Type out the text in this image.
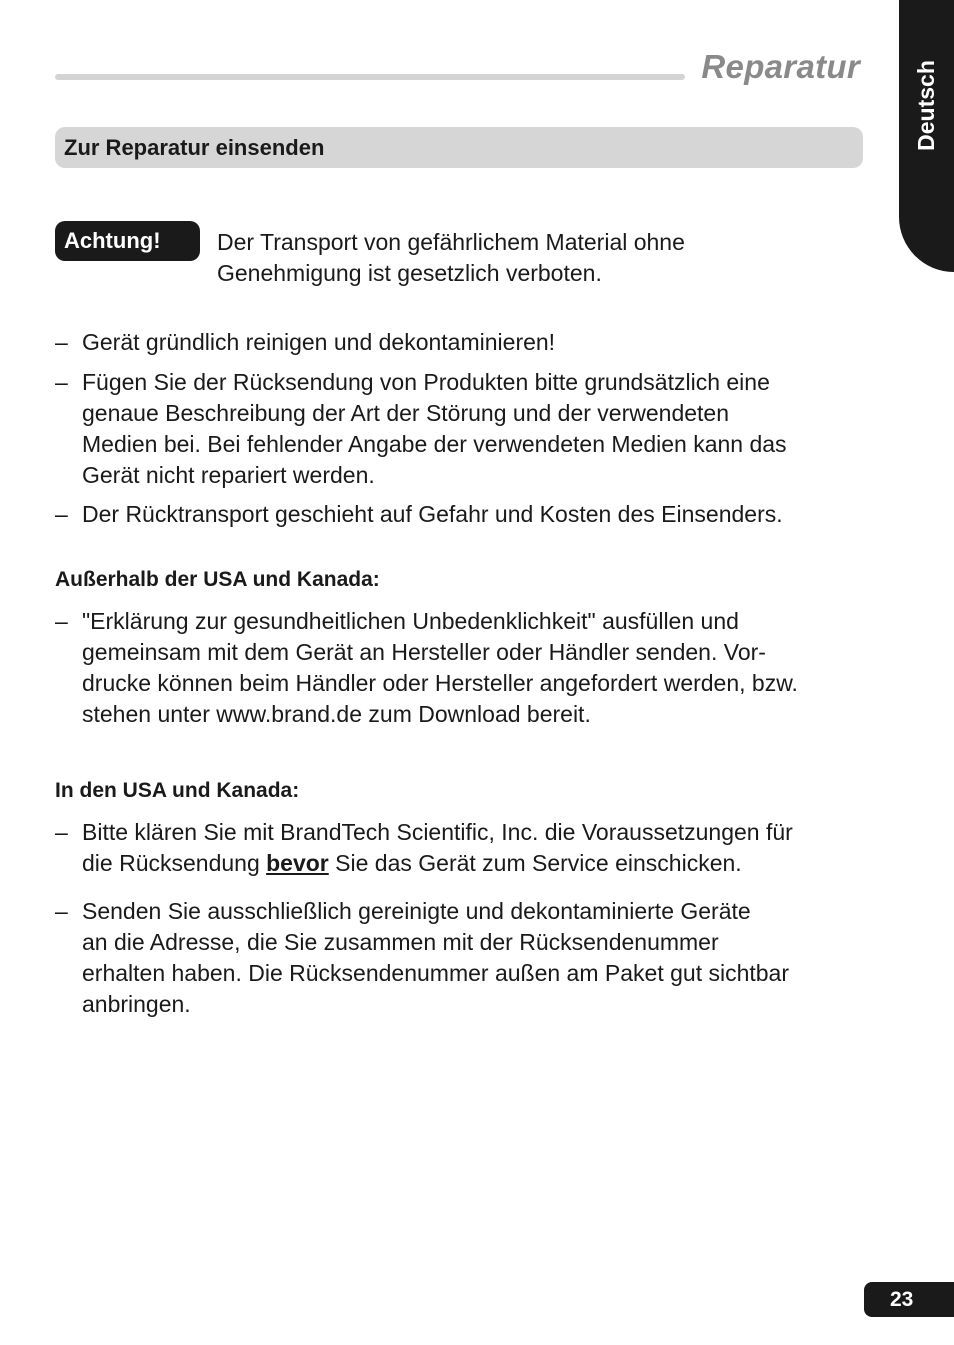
Reparatur Deutsch
Zur Reparatur einsenden
Achtung! Der Transport von gefährlichem Material ohne
Genehmigung ist gesetzlich verboten.
– Gerät gründlich reinigen und dekontaminieren!
– Fügen Sie der Rücksendung von Produkten bitte grundsätzlich eine
genaue Beschreibung der Art der Störung und der verwendeten
Medien bei. Bei fehlender Angabe der verwendeten Medien kann das
Gerät nicht repariert werden.
– Der Rücktransport geschieht auf Gefahr und Kosten des Einsenders.
Außerhalb der USA und Kanada:
– "Erklärung zur gesundheitlichen Unbedenklichkeit" ausfüllen und
gemeinsam mit dem Gerät an Hersteller oder Händler senden. Vor-
drucke können beim Händler oder Hersteller angefordert werden, bzw.
stehen unter www.brand.de zum Download bereit.
In den USA und Kanada:
– Bitte klären Sie mit BrandTech Scientific, Inc. die Voraussetzungen für
die Rücksendung bevor Sie das Gerät zum Service einschicken.
– Senden Sie ausschließlich gereinigte und dekontaminierte Geräte
an die Adresse, die Sie zusammen mit der Rücksendenummer
erhalten haben. Die Rücksendenummer außen am Paket gut sichtbar
anbringen.
23
